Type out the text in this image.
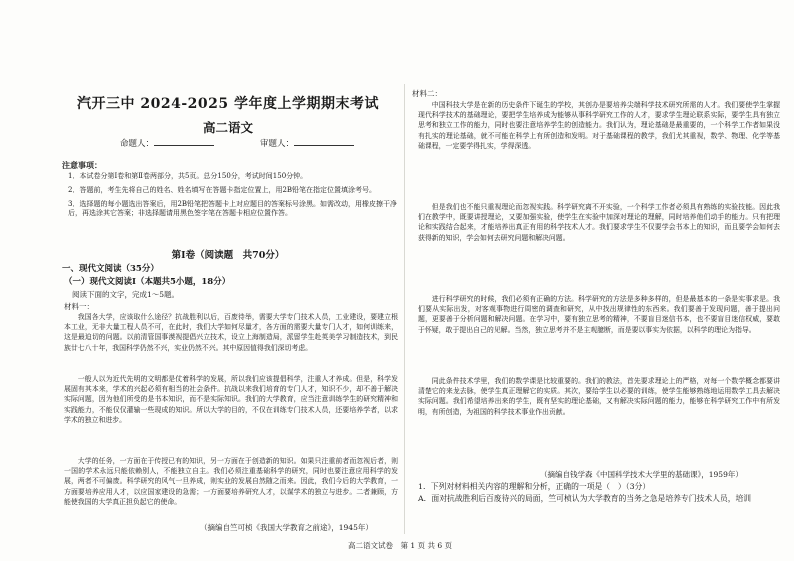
汽开三中 2024-2025 学年度上学期期末考试
高二语文
命题人：	审题人：
注意事项：
1．本试卷分第Ⅰ卷和第Ⅱ卷两部分，共5页。总分150分，考试时间150分钟。
2．答题前，考生先将自己的姓名、姓名填写在答题卡指定位置上，用2B铅笔在指定位置填涂考号。
3．选择题的每小题选出答案后，用2B铅笔把答题卡上对应题目的答案标号涂黑。如需改动，用橡皮擦干净后，再选涂其它答案；非选择题请用黑色签字笔在答题卡相应位置作答。
第Ⅰ卷（阅读题　共70分）
一、现代文阅读（35分）
（一）现代文阅读Ⅰ（本题共5小题，18分）
阅读下面的文字，完成1～5题。
材料一：
我国各大学，应该取什么途径？抗战胜利以后，百废待举，需要大学专门技术人员，工业建设，要建立根本工业，无非大量工程人员不可，在此时，我们大学如何尽量才，各方面的需要大量专门人才，如何训练来，这是最迫切的问题。以前清管国事漠视提倡兴立技术，设立上海制造局，派留学生赴英美学习制造技术，到民族廿七八十年，我国科学仍然不兴，实业仍然不兴。其中原因值得我们深切考虑。
一般人以为近代先明的文明都是仗着科学的发展，所以我们应该提倡科学，注重人才养成。但是，科学发展固有其本来，学术的兴起必须有相当的社会条件。抗战以来我们培育的专门人才，知识不少，却不善于解决实际问题，因为他们所受的是书本知识，而不是实际知识。我们的大学教育，应当注意训练学生的研究精神和实践能力，不能仅仅灌输一些现成的知识。所以大学的目的，不仅在训练专门技术人员，还要培养学者，以求学术的独立和进步。
大学的任务，一方面在于传授已有的知识，另一方面在于创造新的知识。如果只注重前者而忽视后者，则一国的学术永远只能依赖别人，不能独立自主。我们必须注重基础科学的研究，同时也要注意应用科学的发展，两者不可偏废。科学研究的风气一旦养成，则实业的发展自然随之而来。因此，我们今后的大学教育，一方面要培养应用人才，以应国家建设的急需；一方面要培养研究人才，以谋学术的独立与进步。二者兼顾，方能使我国的大学真正担负起它的使命。
（摘编自竺可桢《我国大学教育之前途》，1945年）
材料二：
中国科技大学是在新的历史条件下诞生的学校，其创办是要培养尖端科学技术研究所需的人才。我们要使学生掌握现代科学技术的基础理论，要把学生培养成为能够从事科学研究工作的人才，要求学生理论联系实际，要学生具有独立思考和独立工作的能力，同时也要注意培养学生的创造能力。我们认为，理论基础是最重要的，一个科学工作者如果没有扎实的理论基础，就不可能在科学上有所创造和发明。对于基础课程的教学，我们尤其重视，数学、物理、化学等基础课程，一定要学得扎实，学得深透。
但是我们也不能只重视理论而忽视实践。科学研究离不开实验，一个科学工作者必须具有熟练的实验技能。因此我们在教学中，既要讲授理论，又要加强实验，使学生在实验中加深对理论的理解，同时培养他们动手的能力。只有把理论和实践结合起来，才能培养出真正有用的科学技术人才。我们要求学生不仅要学会书本上的知识，而且要学会如何去获得新的知识，学会如何去研究问题和解决问题。
进行科学研究的时候，我们必须有正确的方法。科学研究的方法是多种多样的，但是最基本的一条是实事求是。我们要从实际出发，对客观事物进行周密的调查和研究，从中找出规律性的东西来。我们要善于发现问题，善于提出问题，更要善于分析问题和解决问题。在学习中，要有独立思考的精神，不要盲目迷信书本，也不要盲目迷信权威，要敢于怀疑，敢于提出自己的见解。当然，独立思考并不是主观臆断，而是要以事实为依据，以科学的理论为指导。
同此条件技术学里，我们的数学课是比较重要的。我们的教法，首先要求理论上的严格，对每一个数学概念都要讲清楚它的来龙去脉，使学生真正理解它的实质。其次，要给学生以必要的训练，使学生能够熟练地运用数学工具去解决实际问题。我们希望培养出来的学生，既有坚实的理论基础，又有解决实际问题的能力，能够在科学研究工作中有所发明，有所创造，为祖国的科学技术事业作出贡献。
（摘编自钱学森《中国科学技术大学里的基础课》，1959年）
1．下列对材料相关内容的理解和分析，正确的一项是（　）（3分）
A．面对抗战胜利后百废待兴的局面，竺可桢认为大学教育的当务之急是培养专门技术人员，培训
高二语文试卷　第 1 页 共 6 页
